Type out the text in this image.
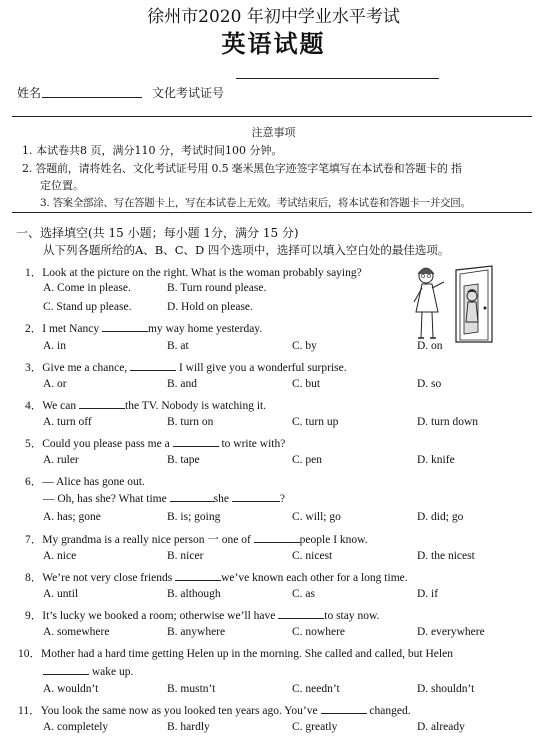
徐州市2020 年初中学业水平考试
英语试题
姓名	文化考试证号
注意事项
1. 本试卷共8 页，满分110 分，考试时间100 分钟。
2. 答题前，请将姓名、文化考试证号用 0.5 毫米黑色字迹签字笔填写在本试卷和答题卡的 指
定位置。
3. 答案全部涂、写在答题卡上，写在本试卷上无效。考试结束后，将本试卷和答题卡一并交回。
一、选择填空(共 15 小题；每小题 1分，满分 15 分)
从下列各题所给的A、B、C、D 四个选项中，选择可以填入空白处的最佳选项。
1．Look at the picture on the right. What is the woman probably saying?
A. Come in please.	B. Turn round please.
C. Stand up please.	D. Hold on please.
2．I met Nancy	my way home yesterday.
A. in	B. at	C. by	D. on
3．Give me a chance,	I will give you a wonderful surprise.
A. or	B. and	C. but	D. so
4．We can	the TV. Nobody is watching it.
A. turn off	B. turn on	C. turn up	D. turn down
5．Could you please pass me a	to write with?
A. ruler	B. tape	C. pen	D. knife
6．— Alice has gone out.
— Oh, has she? What time	she	?
A. has; gone	B. is; going	C. will; go	D. did; go
7．My grandma is a really nice person 一 one of	people I know.
A. nice	B. nicer	C. nicest	D. the nicest
8．We’re not very close friends	we’ve known each other for a long time.
A. until	B. although	C. as	D. if
9．It’s lucky we booked a room; otherwise we’ll have	to stay now.
A. somewhere	B. anywhere	C. nowhere	D. everywhere
10．Mother had a hard time getting Helen up in the morning. She called and called, but Helen
wake up.
A. wouldn’t	B. mustn’t	C. needn’t	D. shouldn’t
11．You look the same now as you looked ten years ago. You’ve	changed.
A. completely	B. hardly	C. greatly	D. already
